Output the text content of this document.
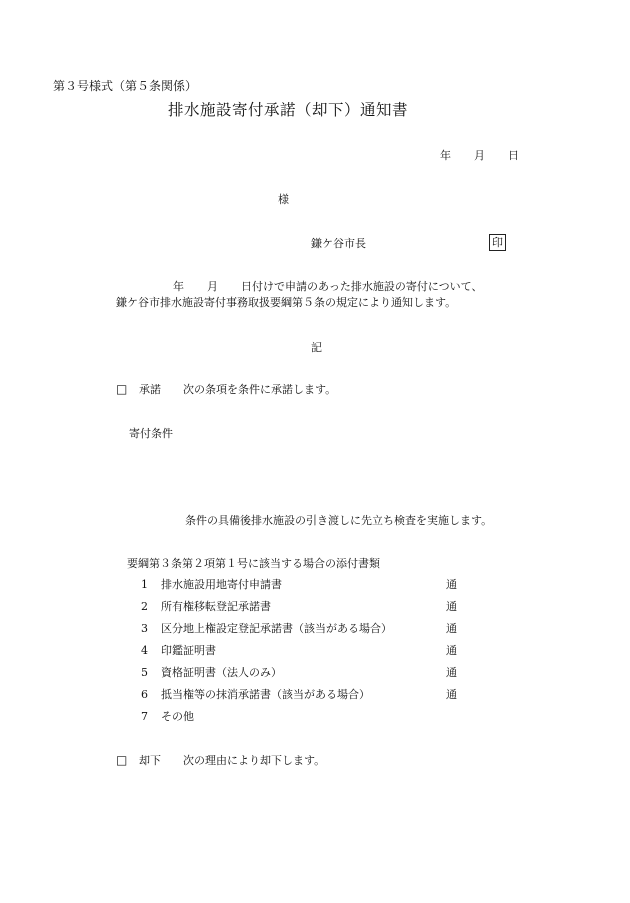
第３号様式（第５条関係）
排水施設寄付承諾（却下）通知書
年 月 日
様
鎌ケ谷市長	印
年 月 日付けで申請のあった排水施設の寄付について、
鎌ケ谷市排水施設寄付事務取扱要綱第５条の規定により通知します。
記
□ 承諾 次の条項を条件に承諾します。
寄付条件
条件の具備後排水施設の引き渡しに先立ち検査を実施します。
要綱第３条第２項第１号に該当する場合の添付書類
1 排水施設用地寄付申請書	通
2 所有権移転登記承諾書	通
3 区分地上権設定登記承諾書（該当がある場合）	通
4 印鑑証明書	通
5 資格証明書（法人のみ）	通
6 抵当権等の抹消承諾書（該当がある場合）	通
7 その他
□ 却下 次の理由により却下します。
